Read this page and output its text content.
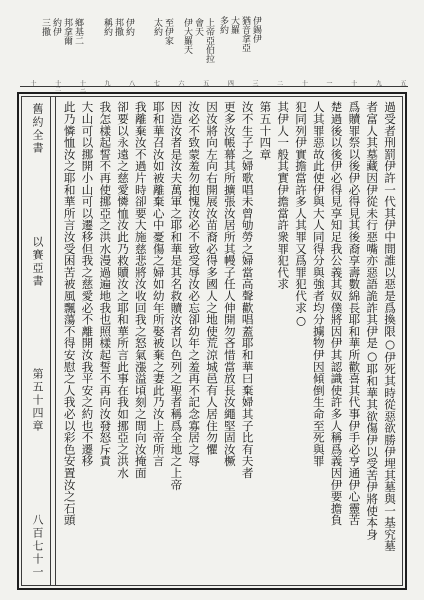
鄉基二
邦拿爾
約伊
三撒	伊約
邦撒
稱約	至伊家
太約	上帝亞伯拉
會天
伊大羅天	伊錫伊
猶音拿亞
大羅
多約
十	十二	十三	九	八	七	六	五	四	三	二	十	一	十	九	五
舊約全書
以賽亞書
第五十四章
八百七十一	過受者刑罰伊許一代其伊中間誰以惡是爲換限○伊死其時從惡欲勝伊埋其墓與一基究墓
者富人其墓藏因伊從未行惡嘴亦惡語詭詐其伊是○耶和華其欲傷伊以受苦伊將使本身
爲贖罪祭以後伊必得見其後裔享壽數綿長耶和華所歡喜其代事伊手必亨通伊心靈苦
楚過後以後伊必得見享知足我公義其奴僕將因伊其認識使許多人稱爲義因伊要擔負
人其罪惡故此使伊與大人同得分與強者均分擄物伊因傾倒生命至死與罪
犯同列伊實擔當許多人其罪又爲罪犯代求○
其伊人一般其實伊擔當許衆罪犯代求
第五十四章
汝不生子之婦歌唱未曾劬勞之婦當高聲歡唱蓋耶和華曰棄婦其子比有夫者
更多汝帳幕其所擴張汝居所其幔子任人伸開勿吝惜當放長汝繩堅固汝橛
因汝將向左向右開展汝苗裔必得多國人之地使荒涼城邑有人居住勿懼
汝必不致蒙羞勿抱愧汝必不致受辱汝必忘卻幼年之羞再不記念寡居之辱
因造汝者是汝夫萬軍之耶和華是其名救贖汝者以色列之聖者稱爲全地之上帝
耶和華召汝如被離棄心中憂傷之婦如幼年所娶被棄之妻此乃汝上帝所言
我離棄汝不過片時卻要大施慈悲將汝收回我之怒氣漲溢頃刻之間向汝掩面
卻要以永遠之慈愛憐恤汝此乃救贖汝之耶和華所言此事在我如挪亞之洪水
我怎樣起誓不再使挪亞之洪水漫過遍地我也照樣起誓不再向汝發怒斥責
大山可以挪開小山可以遷移但我之慈愛必不離開汝我平安之約也不遷移
此乃憐恤汝之耶和華所言汝受困苦被風飄蕩不得安慰之人我必以彩色安置汝之石頭
